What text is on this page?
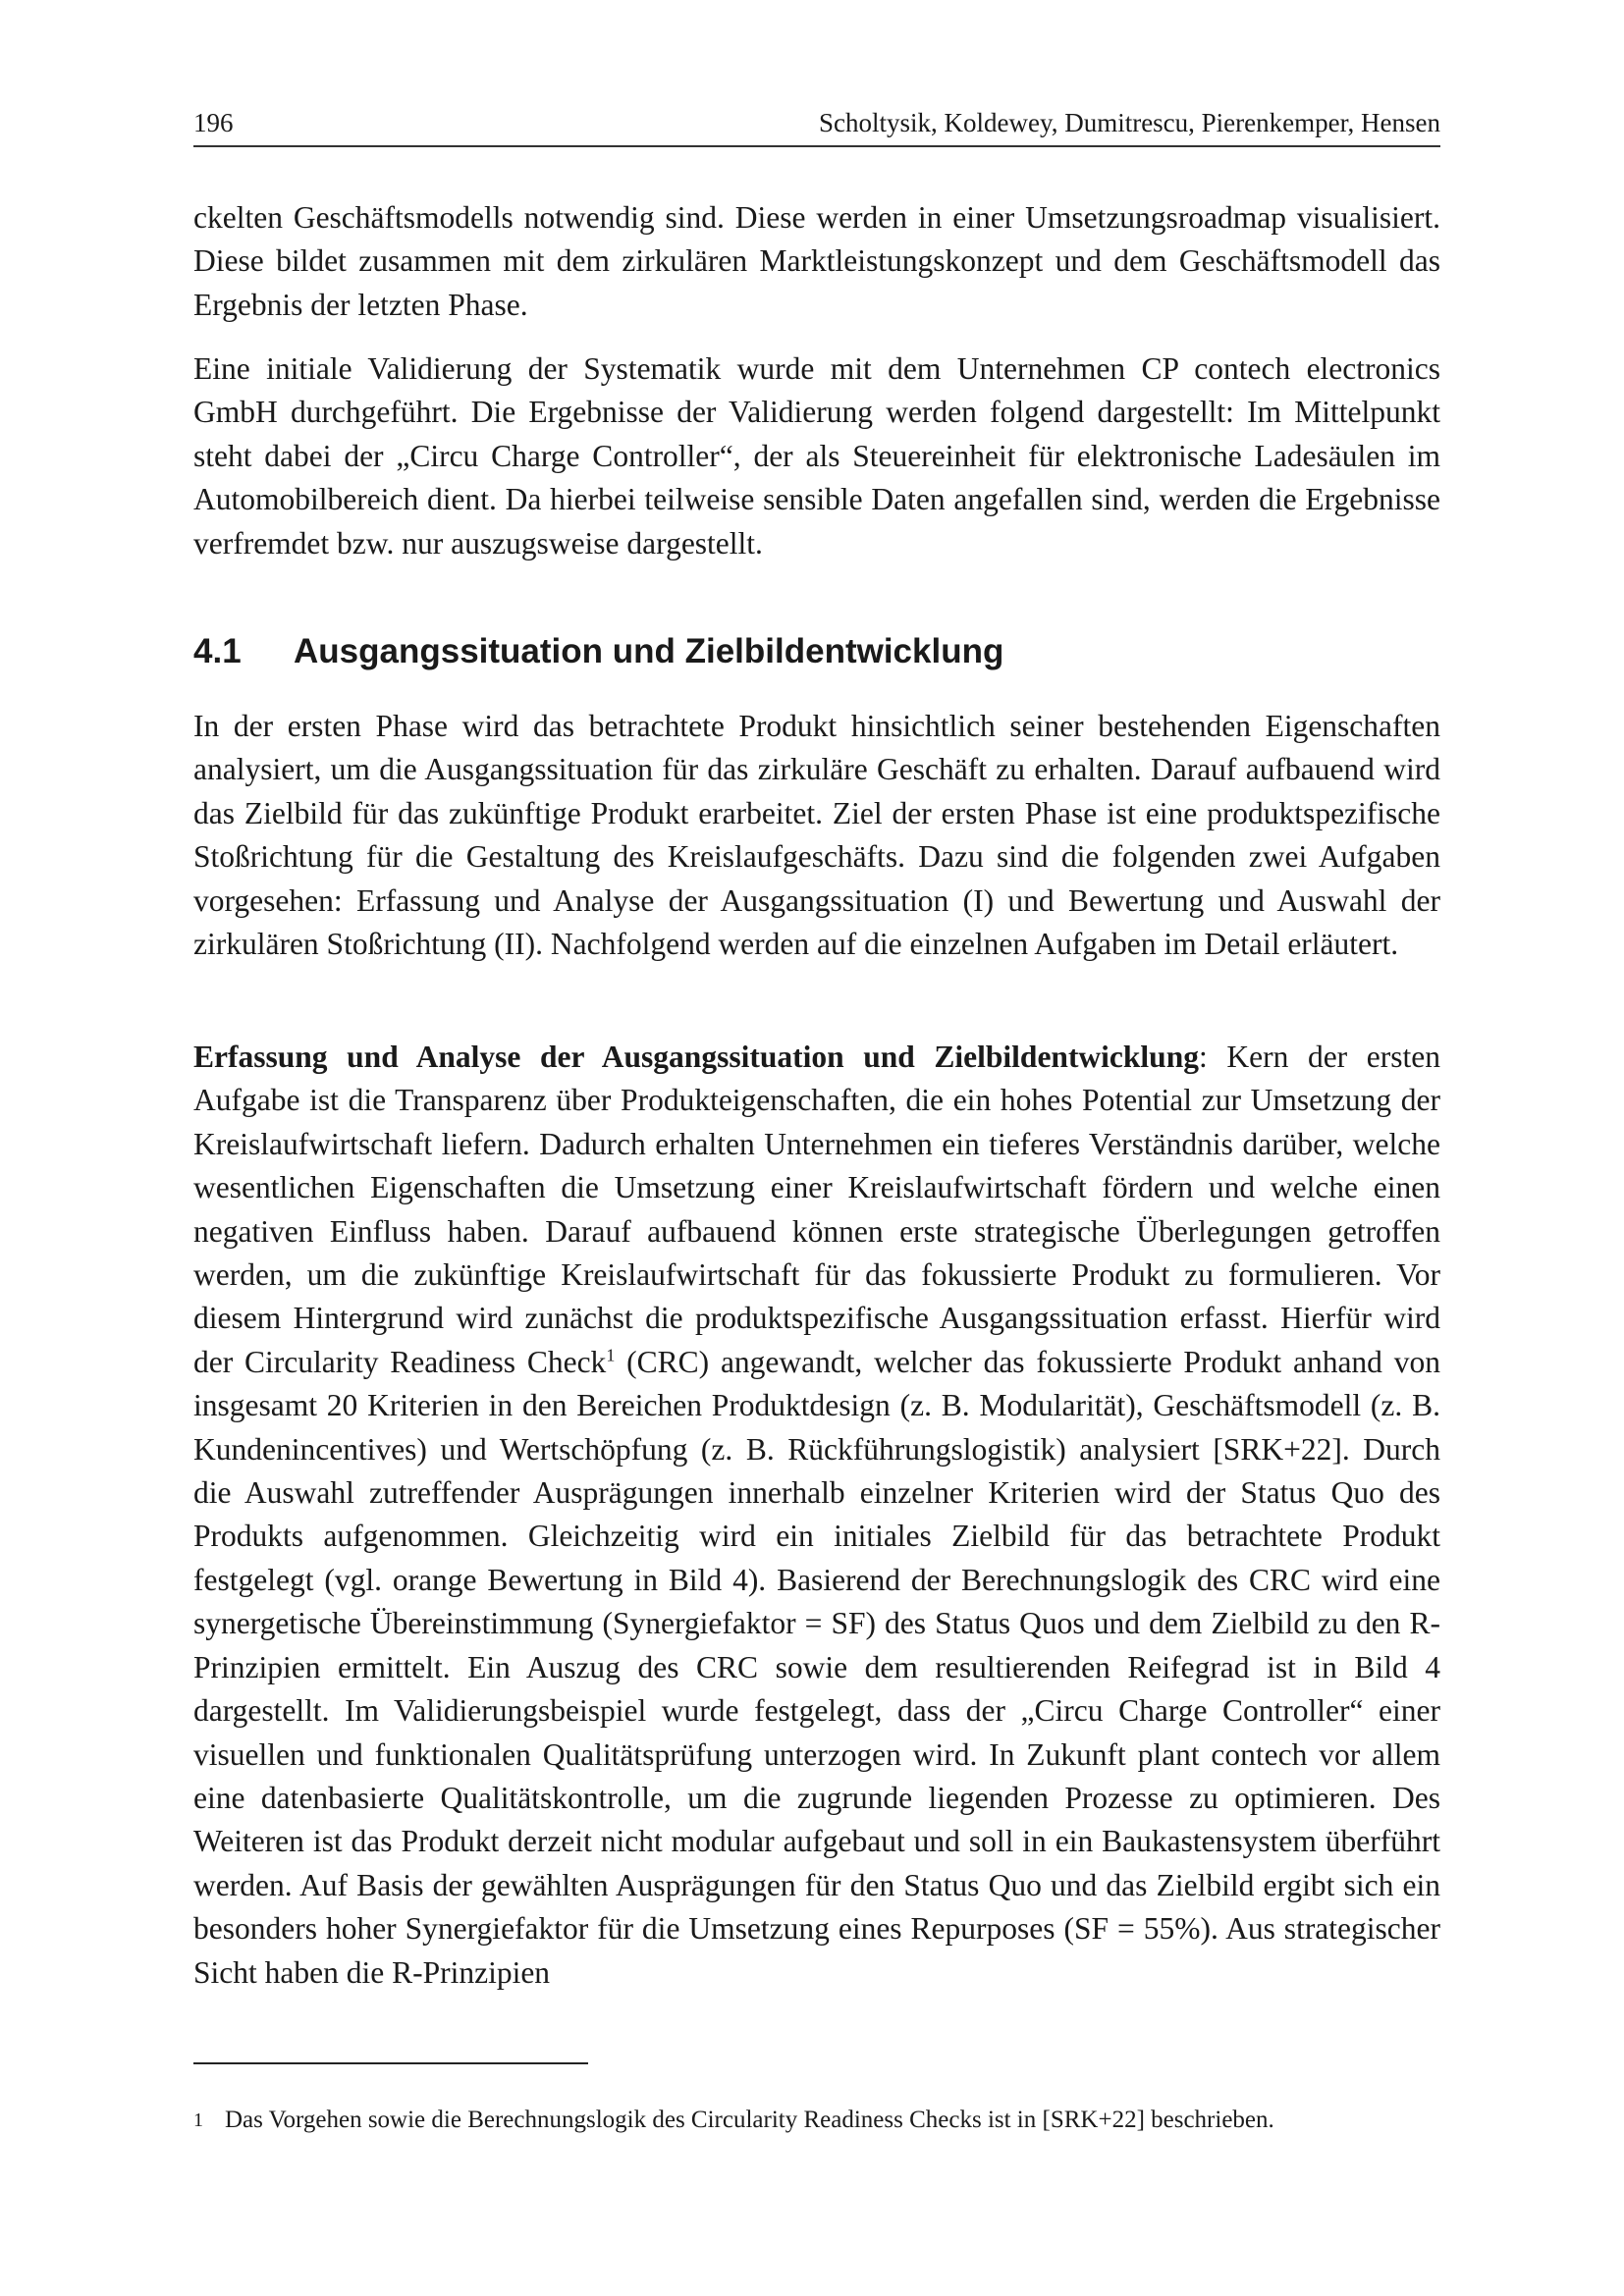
196	Scholtysik, Koldewey, Dumitrescu, Pierenkemper, Hensen

ckelten Geschäftsmodells notwendig sind. Diese werden in einer Umsetzungsroadmap visualisiert. Diese bildet zusammen mit dem zirkulären Marktleistungskonzept und dem Geschäftsmodell das Ergebnis der letzten Phase.

Eine initiale Validierung der Systematik wurde mit dem Unternehmen CP contech electronics GmbH durchgeführt. Die Ergebnisse der Validierung werden folgend dargestellt: Im Mittelpunkt steht dabei der „Circu Charge Controller“, der als Steuereinheit für elektronische Ladesäulen im Automobilbereich dient. Da hierbei teilweise sensible Daten angefallen sind, werden die Ergebnisse verfremdet bzw. nur auszugsweise dargestellt.

4.1 Ausgangssituation und Zielbildentwicklung

In der ersten Phase wird das betrachtete Produkt hinsichtlich seiner bestehenden Eigenschaften analysiert, um die Ausgangssituation für das zirkuläre Geschäft zu erhalten. Darauf aufbauend wird das Zielbild für das zukünftige Produkt erarbeitet. Ziel der ersten Phase ist eine produktspezifische Stoßrichtung für die Gestaltung des Kreislaufgeschäfts. Dazu sind die folgenden zwei Aufgaben vorgesehen: Erfassung und Analyse der Ausgangssituation (I) und Bewertung und Auswahl der zirkulären Stoßrichtung (II). Nachfolgend werden auf die einzelnen Aufgaben im Detail erläutert.

Erfassung und Analyse der Ausgangssituation und Zielbildentwicklung: Kern der ersten Aufgabe ist die Transparenz über Produkteigenschaften, die ein hohes Potential zur Umsetzung der Kreislaufwirtschaft liefern. Dadurch erhalten Unternehmen ein tieferes Verständnis darüber, welche wesentlichen Eigenschaften die Umsetzung einer Kreislaufwirtschaft fördern und welche einen negativen Einfluss haben. Darauf aufbauend können erste strategische Überlegungen getroffen werden, um die zukünftige Kreislaufwirtschaft für das fokussierte Produkt zu formulieren. Vor diesem Hintergrund wird zunächst die produktspezifische Ausgangssituation erfasst. Hierfür wird der Circularity Readiness Check$^1$ (CRC) angewandt, welcher das fokussierte Produkt anhand von insgesamt 20 Kriterien in den Bereichen Produktdesign (z. B. Modularität), Geschäftsmodell (z. B. Kundenincentives) und Wertschöpfung (z. B. Rückführungslogistik) analysiert [SRK+22]. Durch die Auswahl zutreffender Ausprägungen innerhalb einzelner Kriterien wird der Status Quo des Produkts aufgenommen. Gleichzeitig wird ein initiales Zielbild für das betrachtete Produkt festgelegt (vgl. orange Bewertung in Bild 4). Basierend der Berechnungslogik des CRC wird eine synergetische Übereinstimmung (Synergiefaktor = SF) des Status Quos und dem Zielbild zu den R-Prinzipien ermittelt. Ein Auszug des CRC sowie dem resultierenden Reifegrad ist in Bild 4 dargestellt. Im Validierungsbeispiel wurde festgelegt, dass der „Circu Charge Controller“ einer visuellen und funktionalen Qualitätsprüfung unterzogen wird. In Zukunft plant contech vor allem eine datenbasierte Qualitätskontrolle, um die zugrunde liegenden Prozesse zu optimieren. Des Weiteren ist das Produkt derzeit nicht modular aufgebaut und soll in ein Baukastensystem überführt werden. Auf Basis der gewählten Ausprägungen für den Status Quo und das Zielbild ergibt sich ein besonders hoher Synergiefaktor für die Umsetzung eines Repurposes (SF = 55%). Aus strategischer Sicht haben die R-Prinzipien

1 Das Vorgehen sowie die Berechnungslogik des Circularity Readiness Checks ist in [SRK+22] beschrieben.
